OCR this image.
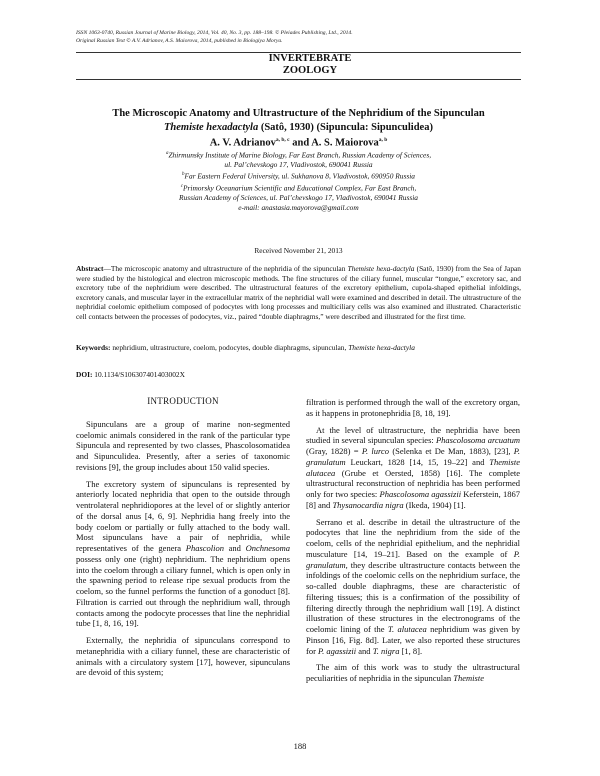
ISSN 1063-0740, Russian Journal of Marine Biology, 2014, Vol. 40, No. 3, pp. 188–198. © Pleiades Publishing, Ltd., 2014.
Original Russian Text © A.V. Adrianov, A.S. Maiorova, 2014, published in Biologiya Morya.
INVERTEBRATE
ZOOLOGY
The Microscopic Anatomy and Ultrastructure of the Nephridium of the Sipunculan
Themiste hexadactyla (Satô, 1930) (Sipuncula: Sipunculidea)
A. V. Adrianov$^{a, b, c}$ and A. S. Maiorova$^{a, b}$
$^a$Zhirmunsky Institute of Marine Biology, Far East Branch, Russian Academy of Sciences,
ul. Pal’chevskogo 17, Vladivostok, 690041 Russia
$^b$Far Eastern Federal University, ul. Sukhanova 8, Vladivostok, 690950 Russia
$^c$Primorsky Oceanarium Scientific and Educational Complex, Far East Branch,
Russian Academy of Sciences, ul. Pal’chevskogo 17, Vladivostok, 690041 Russia
e-mail: anastasia.mayorova@gmail.com
Received November 21, 2013
Abstract—The microscopic anatomy and ultrastructure of the nephridia of the sipunculan Themiste hexa-dactyla (Satô, 1930) from the Sea of Japan were studied by the histological and electron microscopic methods. The fine structures of the ciliary funnel, muscular “tongue,” excretory sac, and excretory tube of the nephridium were described. The ultrastructural features of the excretory epithelium, cupola-shaped epithelial infoldings, excretory canals, and muscular layer in the extracellular matrix of the nephridial wall were examined and described in detail. The ultrastructure of the nephridial coelomic epithelium composed of podocytes with long processes and multiciliary cells was also examined and illustrated. Characteristic cell contacts between the processes of podocytes, viz., paired “double diaphragms,” were described and illustrated for the first time.
Keywords: nephridium, ultrastructure, coelom, podocytes, double diaphragms, sipunculan, Themiste hexa-dactyla
DOI: 10.1134/S106307401403002X
INTRODUCTION

Sipunculans are a group of marine non-segmented coelomic animals considered in the rank of the particular type Sipuncula and represented by two classes, Phascolosomatidea and Sipunculidea. Presently, after a series of taxonomic revisions [9], the group includes about 150 valid species.

The excretory system of sipunculans is represented by anteriorly located nephridia that open to the outside through ventrolateral nephridiopores at the level of or slightly anterior of the dorsal anus [4, 6, 9]. Nephridia hang freely into the body coelom or partially or fully attached to the body wall. Most sipunculans have a pair of nephridia, while representatives of the genera Phascolion and Onchnesoma possess only one (right) nephridium. The nephridium opens into the coelom through a ciliary funnel, which is open only in the spawning period to release ripe sexual products from the coelom, so the funnel performs the function of a gonoduct [8]. Filtration is carried out through the nephridium wall, through contacts among the podocyte processes that line the nephridial tube [1, 8, 16, 19].

Externally, the nephridia of sipunculans correspond to metanephridia with a ciliary funnel, these are characteristic of animals with a circulatory system [17], however, sipunculans are devoid of this system;

filtration is performed through the wall of the excretory organ, as it happens in protonephridia [8, 18, 19].

At the level of ultrastructure, the nephridia have been studied in several sipunculan species: Phascolosoma arcuatum (Gray, 1828) = P. lurco (Selenka et De Man, 1883), [23], P. granulatum Leuckart, 1828 [14, 15, 19–22] and Themiste alutacea (Grube et Oersted, 1858) [16]. The complete ultrastructural reconstruction of nephridia has been performed only for two species: Phascolosoma agassizii Keferstein, 1867 [8] and Thysanocardia nigra (Ikeda, 1904) [1].

Serrano et al. describe in detail the ultrastructure of the podocytes that line the nephridium from the side of the coelom, cells of the nephridial epithelium, and the nephridial musculature [14, 19–21]. Based on the example of P. granulatum, they describe ultrastructure contacts between the infoldings of the coelomic cells on the nephridium surface, the so-called double diaphragms, these are characteristic of filtering tissues; this is a confirmation of the possibility of filtering directly through the nephridium wall [19]. A distinct illustration of these structures in the electronograms of the coelomic lining of the T. alutacea nephridium was given by Pinson [16, Fig. 8d]. Later, we also reported these structures for P. agassizii and T. nigra [1, 8].

The aim of this work was to study the ultrastructural peculiarities of nephridia in the sipunculan Themiste

188
